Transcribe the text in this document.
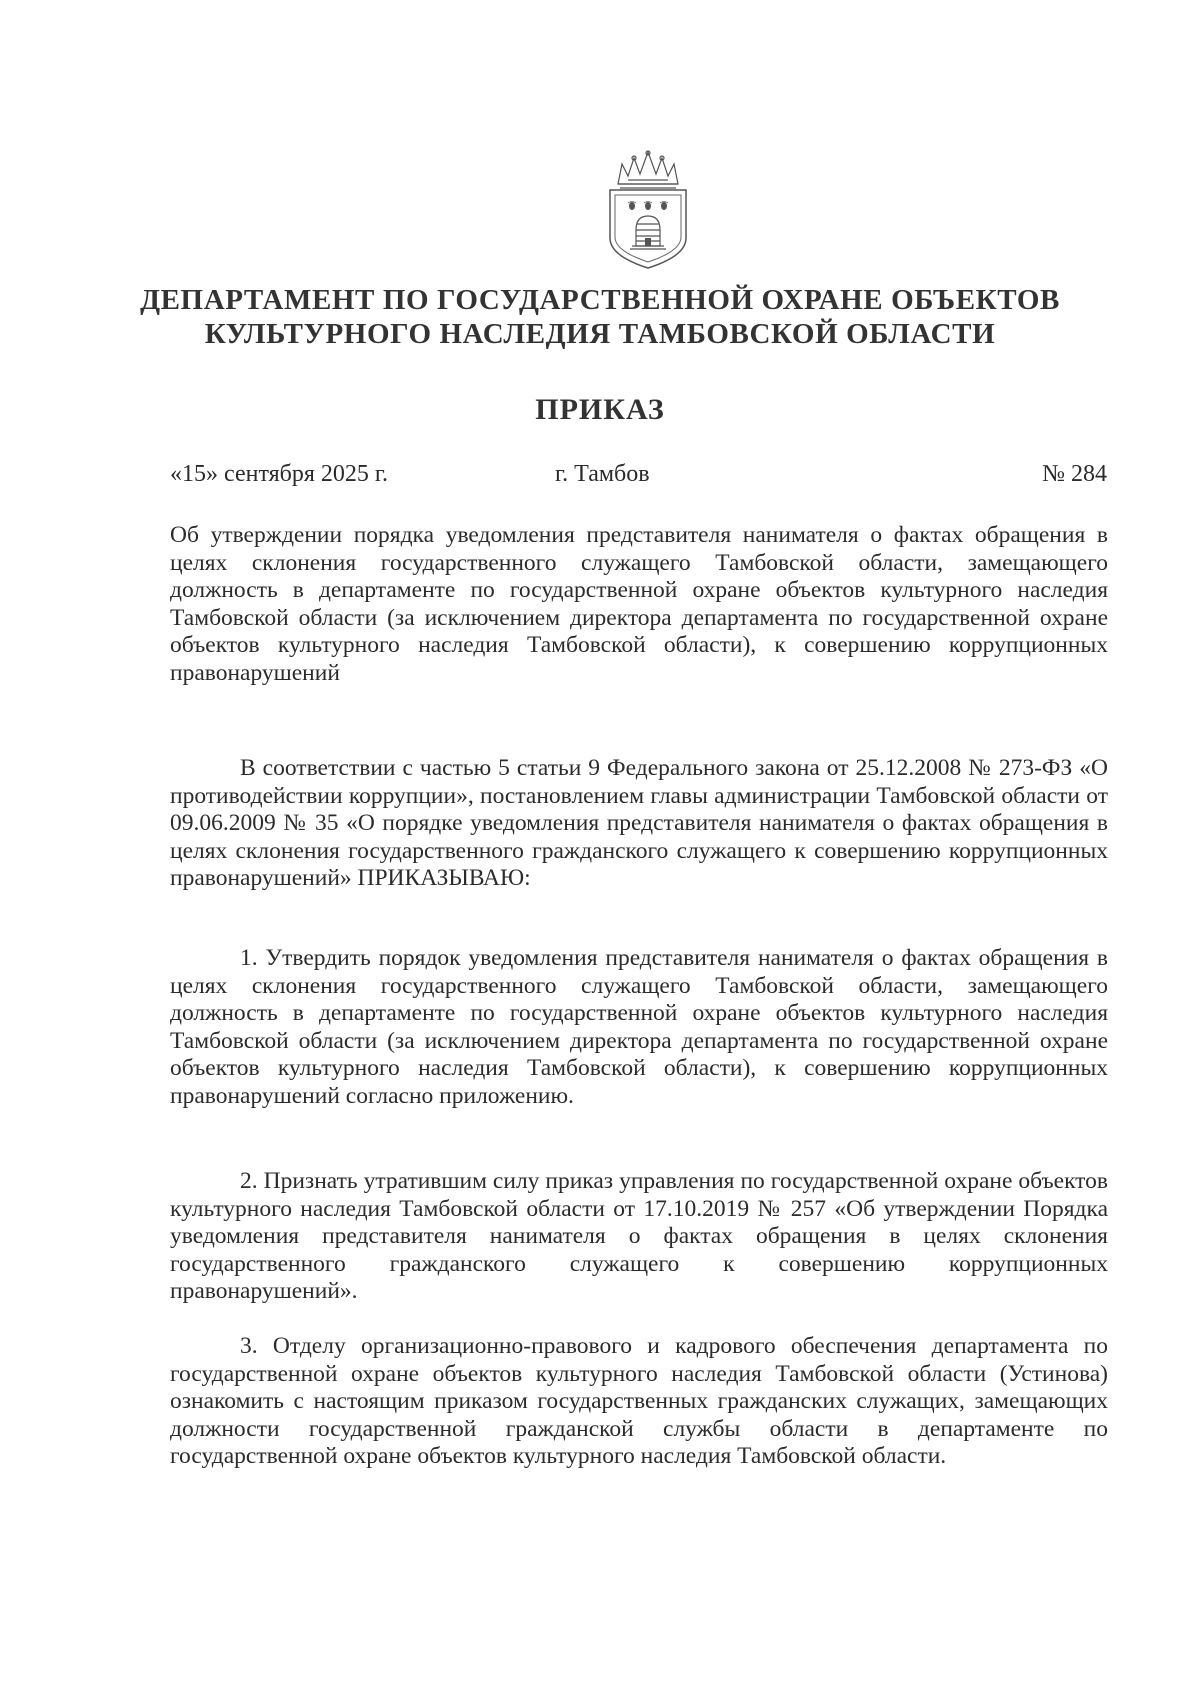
ДЕПАРТАМЕНТ ПО ГОСУДАРСТВЕННОЙ ОХРАНЕ ОБЪЕКТОВ

КУЛЬТУРНОГО НАСЛЕДИЯ ТАМБОВСКОЙ ОБЛАСТИ

ПРИКАЗ

«15» сентября 2025 г.	г. Тамбов	№ 284

Об утверждении порядка уведомления представителя нанимателя о фактах обращения в целях склонения государственного служащего Тамбовской области, замещающего должность в департаменте по государственной охране объектов культурного наследия Тамбовской области (за исключением директора департамента по государственной охране объектов культурного наследия Тамбовской области), к совершению коррупционных правонарушений

В соответствии с частью 5 статьи 9 Федерального закона от 25.12.2008 № 273-ФЗ «О противодействии коррупции», постановлением главы администрации Тамбовской области от 09.06.2009 № 35 «О порядке уведомления представителя нанимателя о фактах обращения в целях склонения государственного гражданского служащего к совершению коррупционных правонарушений» ПРИКАЗЫВАЮ:

1. Утвердить порядок уведомления представителя нанимателя о фактах обращения в целях склонения государственного служащего Тамбовской области, замещающего должность в департаменте по государственной охране объектов культурного наследия Тамбовской области (за исключением директора департамента по государственной охране объектов культурного наследия Тамбовской области), к совершению коррупционных правонарушений согласно приложению.

2. Признать утратившим силу приказ управления по государственной охране объектов культурного наследия Тамбовской области от 17.10.2019 № 257 «Об утверждении Порядка уведомления представителя нанимателя о фактах обращения в целях склонения государственного гражданского служащего к совершению коррупционных правонарушений».

3. Отделу организационно-правового и кадрового обеспечения департамента по государственной охране объектов культурного наследия Тамбовской области (Устинова) ознакомить с настоящим приказом государственных гражданских служащих, замещающих должности государственной гражданской службы области в департаменте по государственной охране объектов культурного наследия Тамбовской области.
